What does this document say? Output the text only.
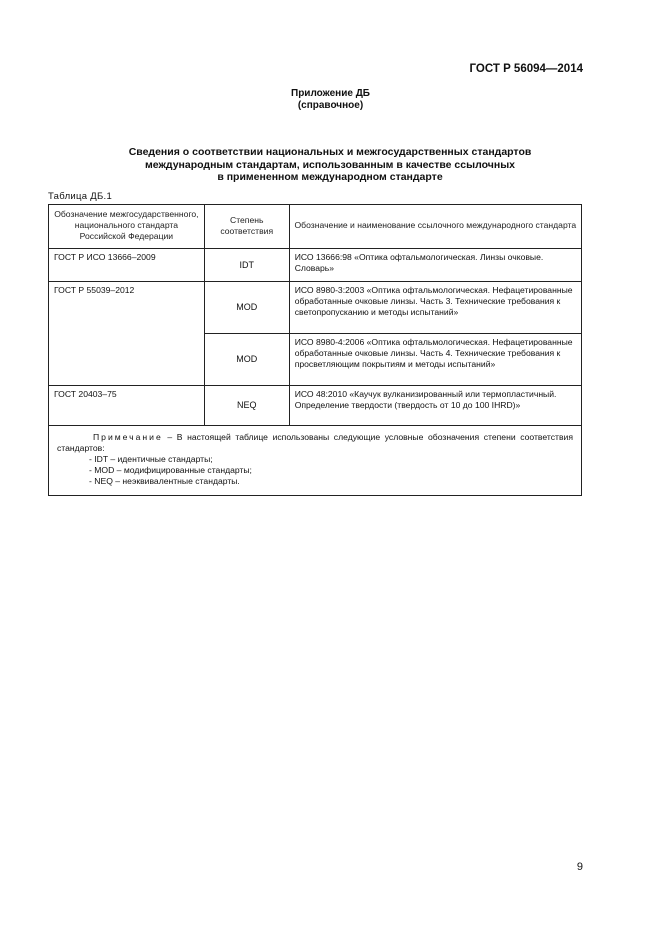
ГОСТ Р 56094—2014
Приложение ДБ
(справочное)
Сведения о соответствии национальных и межгосударственных стандартов
международным стандартам, использованным в качестве ссылочных
в примененном международном стандарте
Таблица ДБ.1
Обозначение межгосударственного, национального стандарта Российской Федерации	Степень соответствия	Обозначение и наименование ссылочного международного стандарта
ГОСТ Р ИСО 13666–2009	IDT	ИСО 13666:98 «Оптика офтальмологическая. Линзы очковые. Словарь»
ГОСТ Р 55039–2012	MOD	ИСО 8980-3:2003 «Оптика офтальмологическая. Нефацетированные обработанные очковые линзы. Часть 3. Технические требования к светопропусканию и методы испытаний»
	MOD	ИСО 8980-4:2006 «Оптика офтальмологическая. Нефацетированные обработанные очковые линзы. Часть 4. Технические требования к просветляющим покрытиям и методы испытаний»
ГОСТ 20403–75	NEQ	ИСО 48:2010 «Каучук вулканизированный или термопластичный. Определение твердости (твердость от 10 до 100 IHRD)»

Примечание – В настоящей таблице использованы следующие условные обозначения степени соответствия стандартов:
- IDT – идентичные стандарты;
- MOD – модифицированные стандарты;
- NEQ – неэквивалентные стандарты.		
9
